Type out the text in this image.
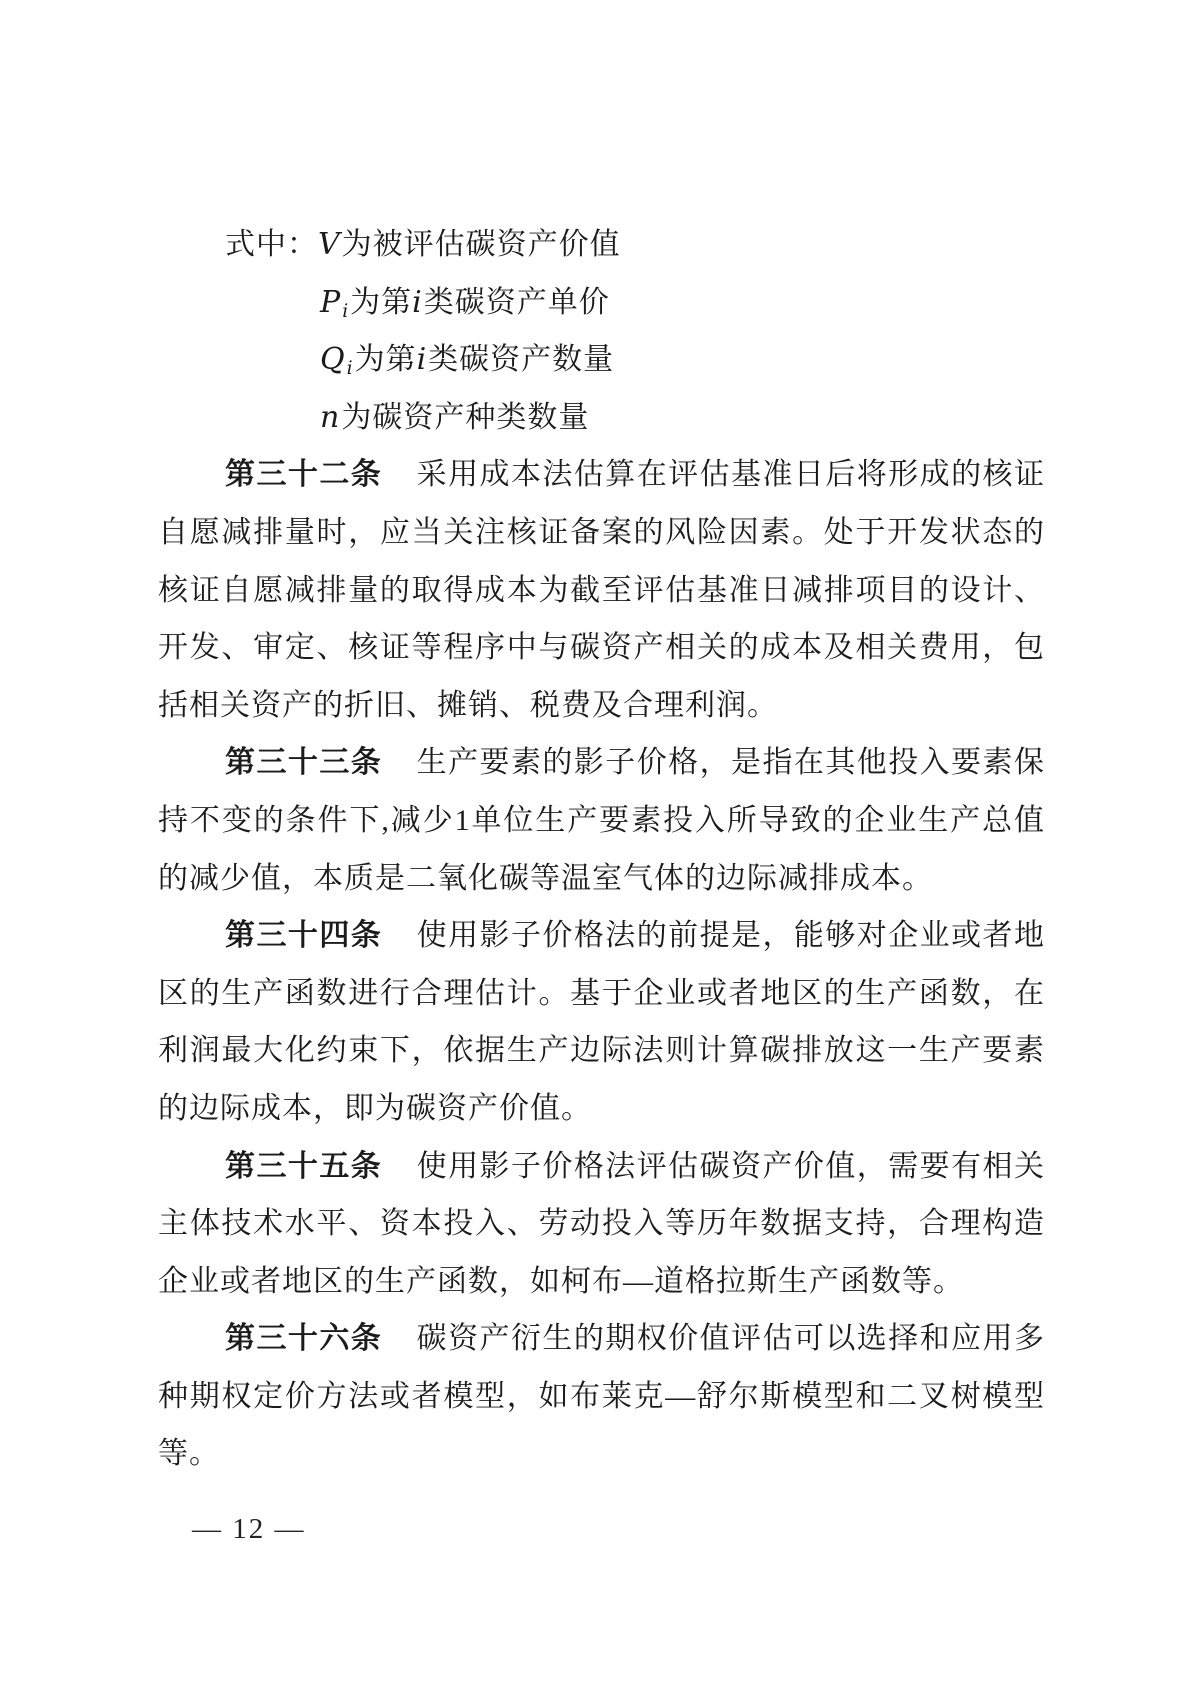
式中：V为被评估碳资产价值
Pi为第i类碳资产单价
Qi为第i类碳资产数量
n为碳资产种类数量
第三十二条 采用成本法估算在评估基准日后将形成的核证
自愿减排量时，应当关注核证备案的风险因素。处于开发状态的
核证自愿减排量的取得成本为截至评估基准日减排项目的设计、
开发、审定、核证等程序中与碳资产相关的成本及相关费用，包
括相关资产的折旧、摊销、税费及合理利润。
第三十三条 生产要素的影子价格，是指在其他投入要素保
持不变的条件下,减少1单位生产要素投入所导致的企业生产总值
的减少值，本质是二氧化碳等温室气体的边际减排成本。
第三十四条 使用影子价格法的前提是，能够对企业或者地
区的生产函数进行合理估计。基于企业或者地区的生产函数，在
利润最大化约束下，依据生产边际法则计算碳排放这一生产要素
的边际成本，即为碳资产价值。
第三十五条 使用影子价格法评估碳资产价值，需要有相关
主体技术水平、资本投入、劳动投入等历年数据支持，合理构造
企业或者地区的生产函数，如柯布—道格拉斯生产函数等。
第三十六条 碳资产衍生的期权价值评估可以选择和应用多
种期权定价方法或者模型，如布莱克—舒尔斯模型和二叉树模型
等。
— 12 —
